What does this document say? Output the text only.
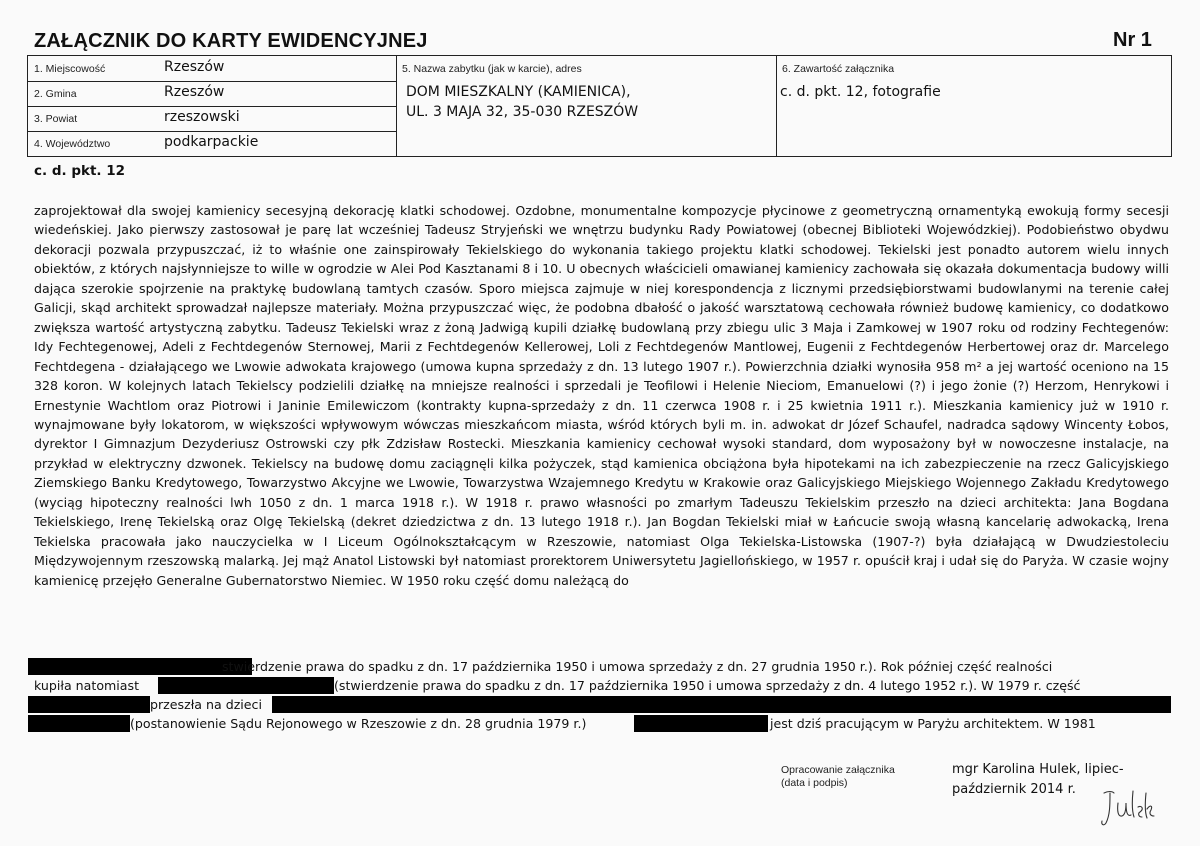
ZAŁĄCZNIK DO KARTY EWIDENCYJNEJ	Nr 1
1. Miejscowość	Rzeszów
2. Gmina	Rzeszów
3. Powiat	rzeszowski
4. Województwo	podkarpackie
5. Nazwa zabytku (jak w karcie), adres
DOM MIESZKALNY (KAMIENICA),
UL. 3 MAJA 32, 35-030 RZESZÓW
6. Zawartość załącznika
c. d. pkt. 12, fotografie
c. d. pkt. 12

zaprojektował dla swojej kamienicy secesyjną dekorację klatki schodowej. Ozdobne, monumentalne kompozycje płycinowe z geometryczną ornamentyką ewokują formy secesji wiedeńskiej. Jako pierwszy zastosował je parę lat wcześniej Tadeusz Stryjeński we wnętrzu budynku Rady Powiatowej (obecnej Biblioteki Wojewódzkiej). Podobieństwo obydwu dekoracji pozwala przypuszczać, iż to właśnie one zainspirowały Tekielskiego do wykonania takiego projektu klatki schodowej. Tekielski jest ponadto autorem wielu innych obiektów, z których najsłynniejsze to wille w ogrodzie w Alei Pod Kasztanami 8 i 10. U obecnych właścicieli omawianej kamienicy zachowała się okazała dokumentacja budowy willi dająca szerokie spojrzenie na praktykę budowlaną tamtych czasów. Sporo miejsca zajmuje w niej korespondencja z licznymi przedsiębiorstwami budowlanymi na terenie całej Galicji, skąd architekt sprowadzał najlepsze materiały. Można przypuszczać więc, że podobna dbałość o jakość warsztatową cechowała również budowę kamienicy, co dodatkowo zwiększa wartość artystyczną zabytku. Tadeusz Tekielski wraz z żoną Jadwigą kupili działkę budowlaną przy zbiegu ulic 3 Maja i Zamkowej w 1907 roku od rodziny Fechtegenów: Idy Fechtegenowej, Adeli z Fechtdegenów Sternowej, Marii z Fechtdegenów Kellerowej, Loli z Fechtdegenów Mantlowej, Eugenii z Fechtdegenów Herbertowej oraz dr. Marcelego Fechtdegena - działającego we Lwowie adwokata krajowego (umowa kupna sprzedaży z dn. 13 lutego 1907 r.). Powierzchnia działki wynosiła 958 m² a jej wartość oceniono na 15 328 koron. W kolejnych latach Tekielscy podzielili działkę na mniejsze realności i sprzedali je Teofilowi i Helenie Nieciom, Emanuelowi (?) i jego żonie (?) Herzom, Henrykowi i Ernestynie Wachtlom oraz Piotrowi i Janinie Emilewiczom (kontrakty kupna-sprzedaży z dn. 11 czerwca 1908 r. i 25 kwietnia 1911 r.). Mieszkania kamienicy już w 1910 r. wynajmowane były lokatorom, w większości wpływowym wówczas mieszkańcom miasta, wśród których byli m. in. adwokat dr Józef Schaufel, nadradca sądowy Wincenty Łobos, dyrektor I Gimnazjum Dezyderiusz Ostrowski czy płk Zdzisław Rostecki. Mieszkania kamienicy cechował wysoki standard, dom wyposażony był w nowoczesne instalacje, na przykład w elektryczny dzwonek. Tekielscy na budowę domu zaciągnęli kilka pożyczek, stąd kamienica obciążona była hipotekami na ich zabezpieczenie na rzecz Galicyjskiego Ziemskiego Banku Kredytowego, Towarzystwo Akcyjne we Lwowie, Towarzystwa Wzajemnego Kredytu w Krakowie oraz Galicyjskiego Miejskiego Wojennego Zakładu Kredytowego (wyciąg hipoteczny realności lwh 1050 z dn. 1 marca 1918 r.). W 1918 r. prawo własności po zmarłym Tadeuszu Tekielskim przeszło na dzieci architekta: Jana Bogdana Tekielskiego, Irenę Tekielską oraz Olgę Tekielską (dekret dziedzictwa z dn. 13 lutego 1918 r.). Jan Bogdan Tekielski miał w Łańcucie swoją własną kancelarię adwokacką, Irena Tekielska pracowała jako nauczycielka w I Liceum Ogólnokształcącym w Rzeszowie, natomiast Olga Tekielska-Listowska (1907-?) była działającą w Dwudziestoleciu Międzywojennym rzeszowską malarką. Jej mąż Anatol Listowski był natomiast prorektorem Uniwersytetu Jagiellońskiego, w 1957 r. opuścił kraj i udał się do Paryża. W czasie wojny kamienicę przejęło Generalne Gubernatorstwo Niemiec. W 1950 roku część domu należącą do

stwierdzenie prawa do spadku z dn. 17 października 1950 i umowa sprzedaży z dn. 27 grudnia 1950 r.). Rok później część realności
kupiła natomiast	(stwierdzenie prawa do spadku z dn. 17 października 1950 i umowa sprzedaży z dn. 4 lutego 1952 r.). W 1979 r. część
przeszła na dzieci
(postanowienie Sądu Rejonowego w Rzeszowie z dn. 28 grudnia 1979 r.)	jest dziś pracującym w Paryżu architektem. W 1981
Opracowanie załącznika
(data i podpis)
mgr Karolina Hulek, lipiec-
październik 2014 r.
